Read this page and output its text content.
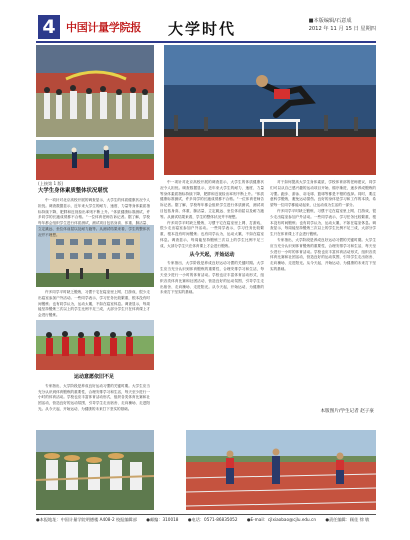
4 中国计量学院报 大学时代	■本版编辑/石意成
2012 年 11 月 15 日 星期四
(上接第 1 版)
大学生身体素质整体状况堪忧

中一项针对北京高校开展的调查显示，大学生的体质健康状况令人担忧。调查数据显示，近年来大学生的耐力、速度、力量等身体素质指标持续下降，肥胖和近视检出率则不断上升。“体质健康标准测试，许多同学的长跑成绩都不合格。”一位体育老师告诉记者。据了解，学校每年都会组织学生进行体质测试，测试项目包括身高、体重、肺活量、立定跳远、坐位体前屈以及耐力跑等。从测试结果来看，学生的整体状况并不理想。

许多同学平时缺乏锻炼，习惯于宅在寝室里上网、打游戏，很少走出寝室参加户外活动。一些同学表示，学习任务比较繁重，根本没有时间锻炼；也有同学认为，运动太累，不如在寝室休息。调查显示，每周能坚持锻炼三次以上的学生比例不足三成，大部分学生只在体育课上才会进行锻炼。

运动意愿依旧不足

专家指出，大学阶段是养成良好运动习惯的关键时期。大学生应当充分认识到体育锻炼的重要性，合理安排学习和生活，每天至少进行一小时的体育活动。学校也应丰富体育活动形式，组织各类体育比赛和社团活动，营造良好的运动氛围，引导学生走出宿舍、走向操场、走进阳光。从今天起，开始运动，为健康的未来打下坚实的基础。

中一项针对北京高校开展的调查显示，大学生的体质健康状况令人担忧。调查数据显示，近年来大学生的耐力、速度、力量等身体素质指标持续下降，肥胖和近视检出率则不断上升。“体质健康标准测试，许多同学的长跑成绩都不合格。”一位体育老师告诉记者。据了解，学校每年都会组织学生进行体质测试，测试项目包括身高、体重、肺活量、立定跳远、坐位体前屈以及耐力跑等。从测试结果来看，学生的整体状况并不理想。

许多同学平时缺乏锻炼，习惯于宅在寝室里上网、打游戏，很少走出寝室参加户外活动。一些同学表示，学习任务比较繁重，根本没有时间锻炼；也有同学认为，运动太累，不如在寝室休息。调查显示，每周能坚持锻炼三次以上的学生比例不足三成，大部分学生只在体育课上才会进行锻炼。

从今天起，开始运动

专家指出，大学阶段是养成良好运动习惯的关键时期。大学生应当充分认识到体育锻炼的重要性，合理安排学习和生活，每天至少进行一小时的体育活动。学校也应丰富体育活动形式，组织各类体育比赛和社团活动，营造良好的运动氛围，引导学生走出宿舍、走向操场、走进阳光。从今天起，开始运动，为健康的未来打下坚实的基础。

对于如何提高大学生身体素质，学校体育部的老师建议，同学们可以从自己感兴趣的运动项目开始，循序渐进，逐步养成锻炼的习惯。跑步、游泳、羽毛球、篮球等都是不错的选择。同时，要注意科学锻炼，避免运动损伤。良好的身体是学习和工作的本钱，希望每一位同学都能动起来，让运动成为生活的一部分。

许多同学平时缺乏锻炼，习惯于宅在寝室里上网、打游戏，很少走出寝室参加户外活动。一些同学表示，学习任务比较繁重，根本没有时间锻炼；也有同学认为，运动太累，不如在寝室休息。调查显示，每周能坚持锻炼三次以上的学生比例不足三成，大部分学生只在体育课上才会进行锻炼。

专家指出，大学阶段是养成良好运动习惯的关键时期。大学生应当充分认识到体育锻炼的重要性，合理安排学习和生活，每天至少进行一小时的体育活动。学校也应丰富体育活动形式，组织各类体育比赛和社团活动，营造良好的运动氛围，引导学生走出宿舍、走向操场、走进阳光。从今天起，开始运动，为健康的未来打下坚实的基础。

本版图片/学生记者 赵子豪
●本报地址：中国计量学院明德楼 A408-2 校报编辑部 ●邮编：310018 ●电话：0571-86835052 ●E-mail：cjlxiaobao@cjlu.edu.cn ●责任编辑：顾佳 徐 敏
